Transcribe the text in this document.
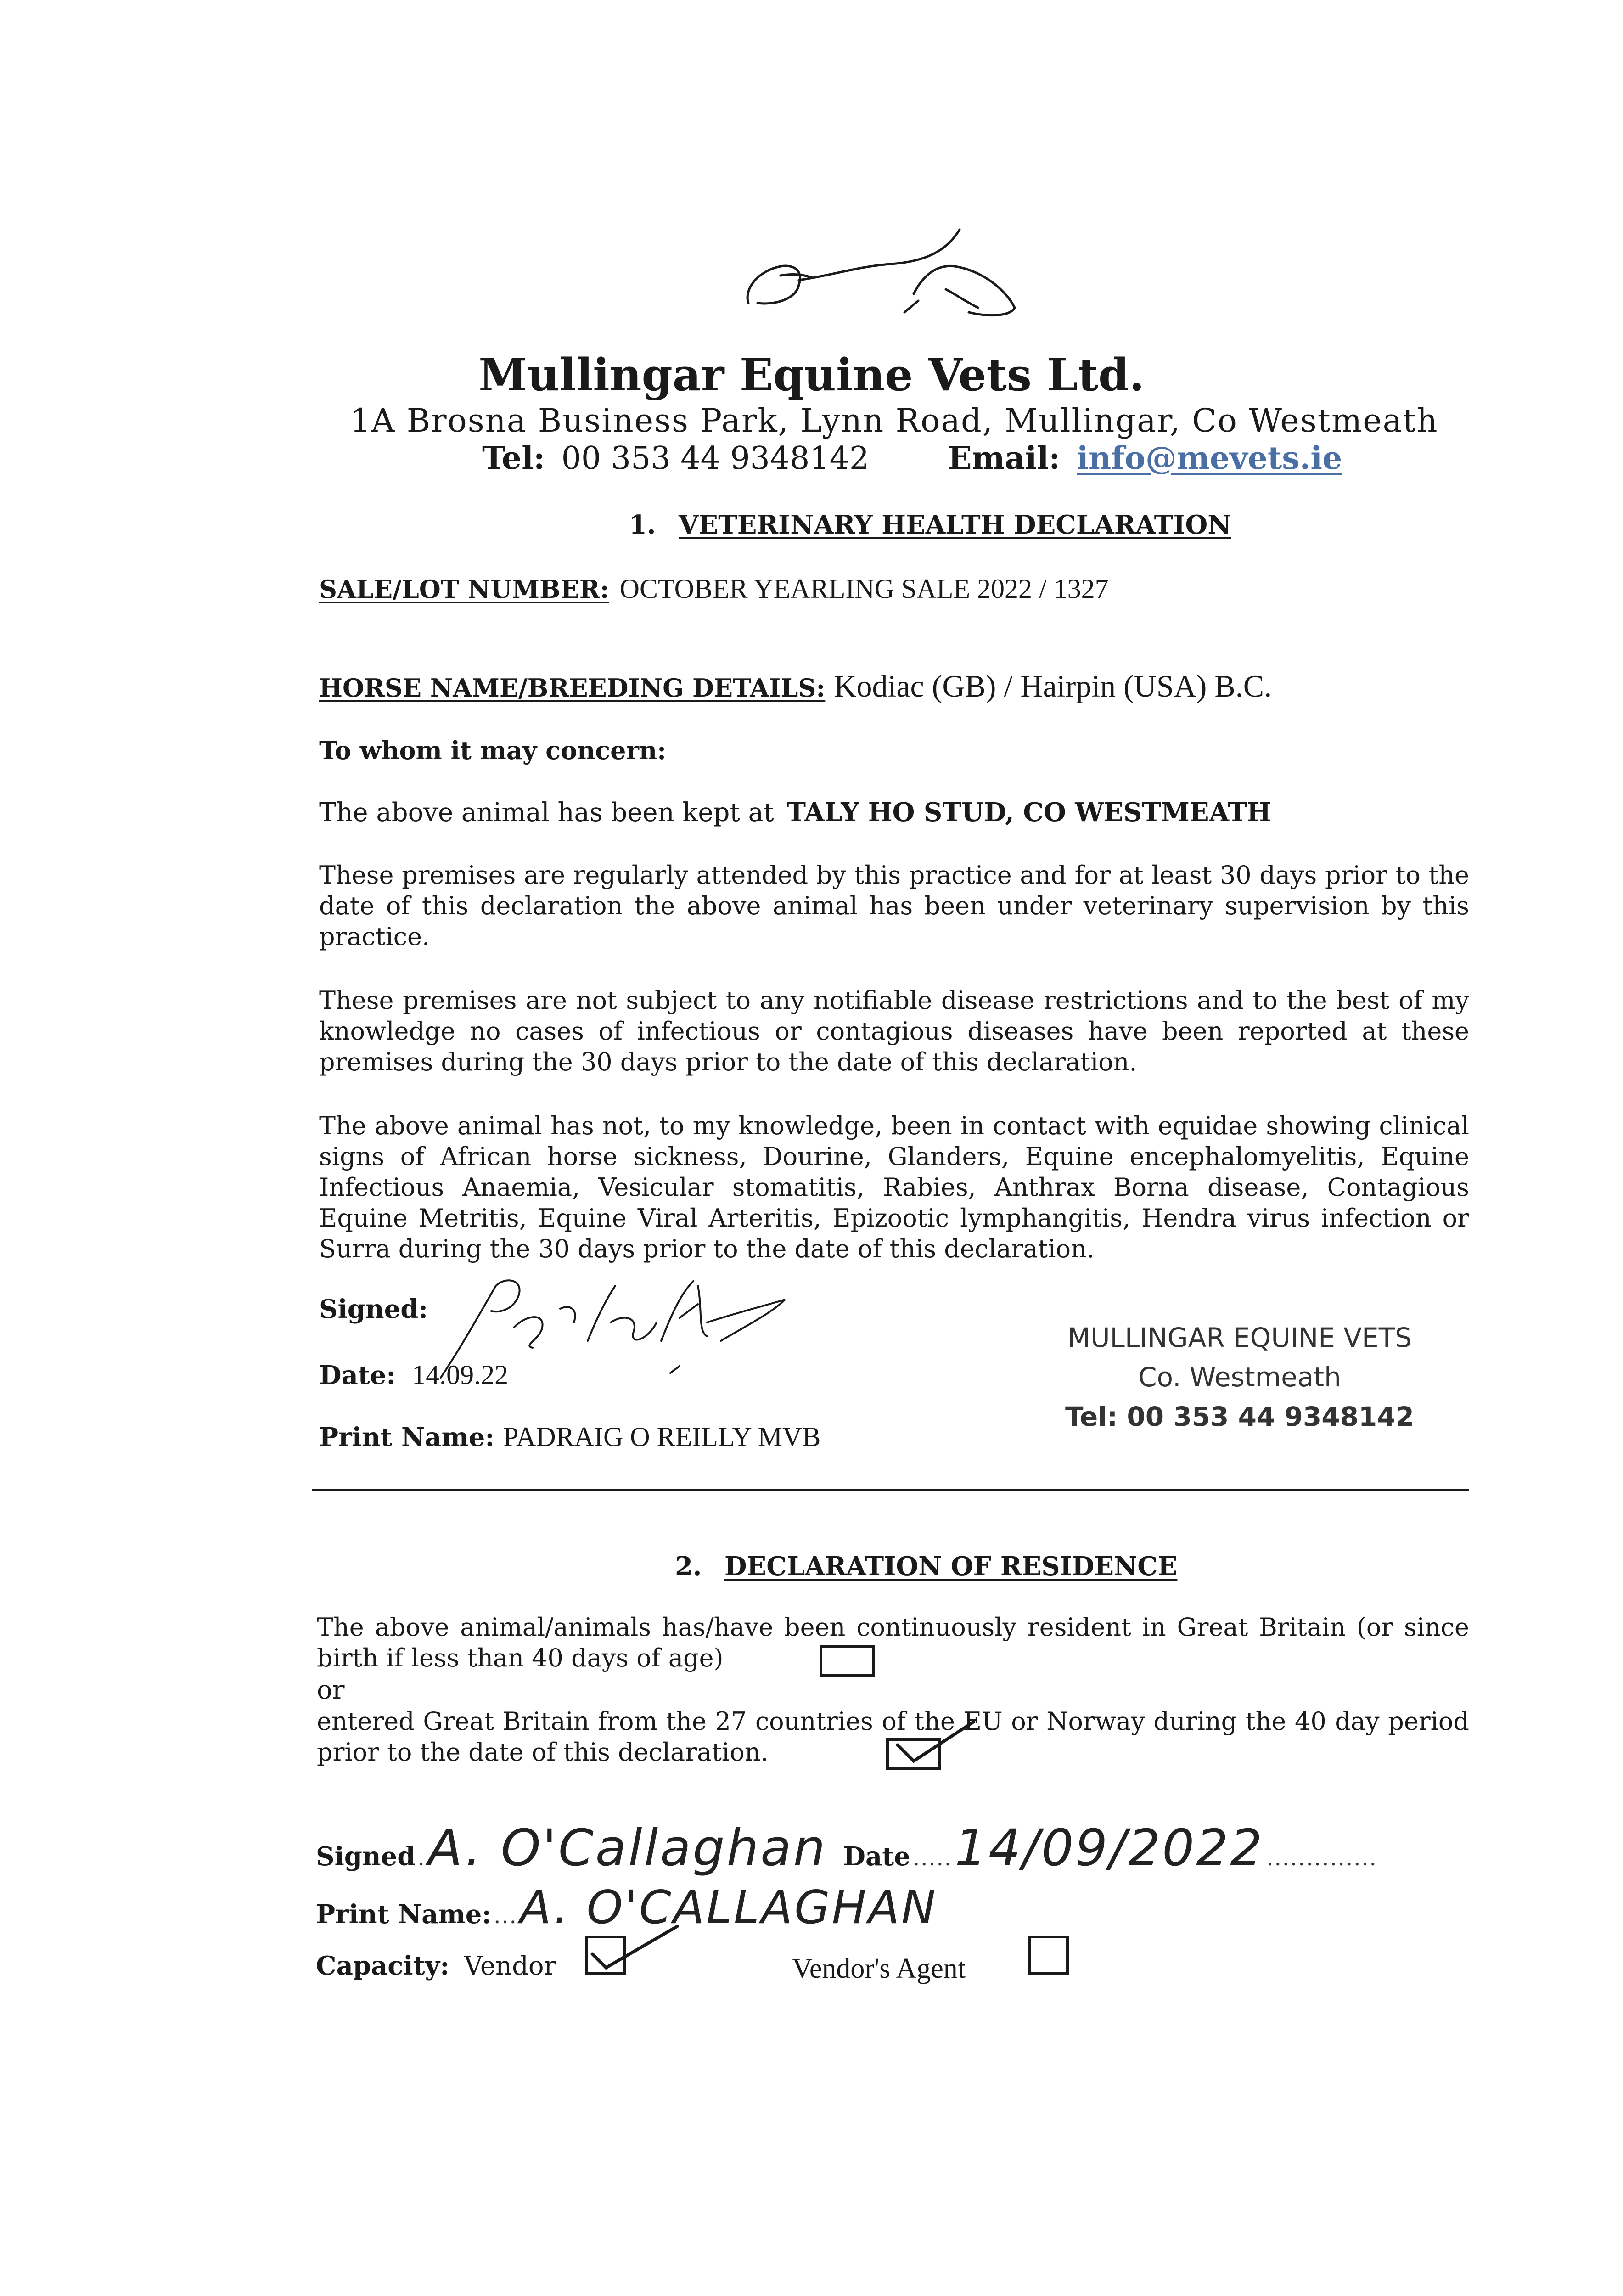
Mullingar Equine Vets Ltd.
1A Brosna Business Park, Lynn Road, Mullingar, Co Westmeath
Tel: 00 353 44 9348142	Email: info@mevets.ie
1. VETERINARY HEALTH DECLARATION
SALE/LOT NUMBER: OCTOBER YEARLING SALE 2022 / 1327
HORSE NAME/BREEDING DETAILS: Kodiac (GB) / Hairpin (USA) B.C.
To whom it may concern:
The above animal has been kept at TALY HO STUD, CO WESTMEATH
These premises are regularly attended by this practice and for at least 30 days prior to the date of this declaration the above animal has been under veterinary supervision by this practice.
These premises are not subject to any notifiable disease restrictions and to the best of my knowledge no cases of infectious or contagious diseases have been reported at these premises during the 30 days prior to the date of this declaration.
The above animal has not, to my knowledge, been in contact with equidae showing clinical signs of African horse sickness, Dourine, Glanders, Equine encephalomyelitis, Equine Infectious Anaemia, Vesicular stomatitis, Rabies, Anthrax Borna disease, Contagious Equine Metritis, Equine Viral Arteritis, Epizootic lymphangitis, Hendra virus infection or Surra during the 30 days prior to the date of this declaration.
Signed:
Date: 14.09.22
Print Name: PADRAIG O REILLY MVB
MULLINGAR EQUINE VETS
Co. Westmeath
Tel: 00 353 44 9348142
2. DECLARATION OF RESIDENCE
The above animal/animals has/have been continuously resident in Great Britain (or since birth if less than 40 days of age)
or
entered Great Britain from the 27 countries of the EU or Norway during the 40 day period prior to the date of this declaration.
Signed . A. O'Callaghan Date ..... 14/09/2022 ..............
Print Name: ... A. O'CALLAGHAN
Capacity: Vendor	Vendor's Agent
